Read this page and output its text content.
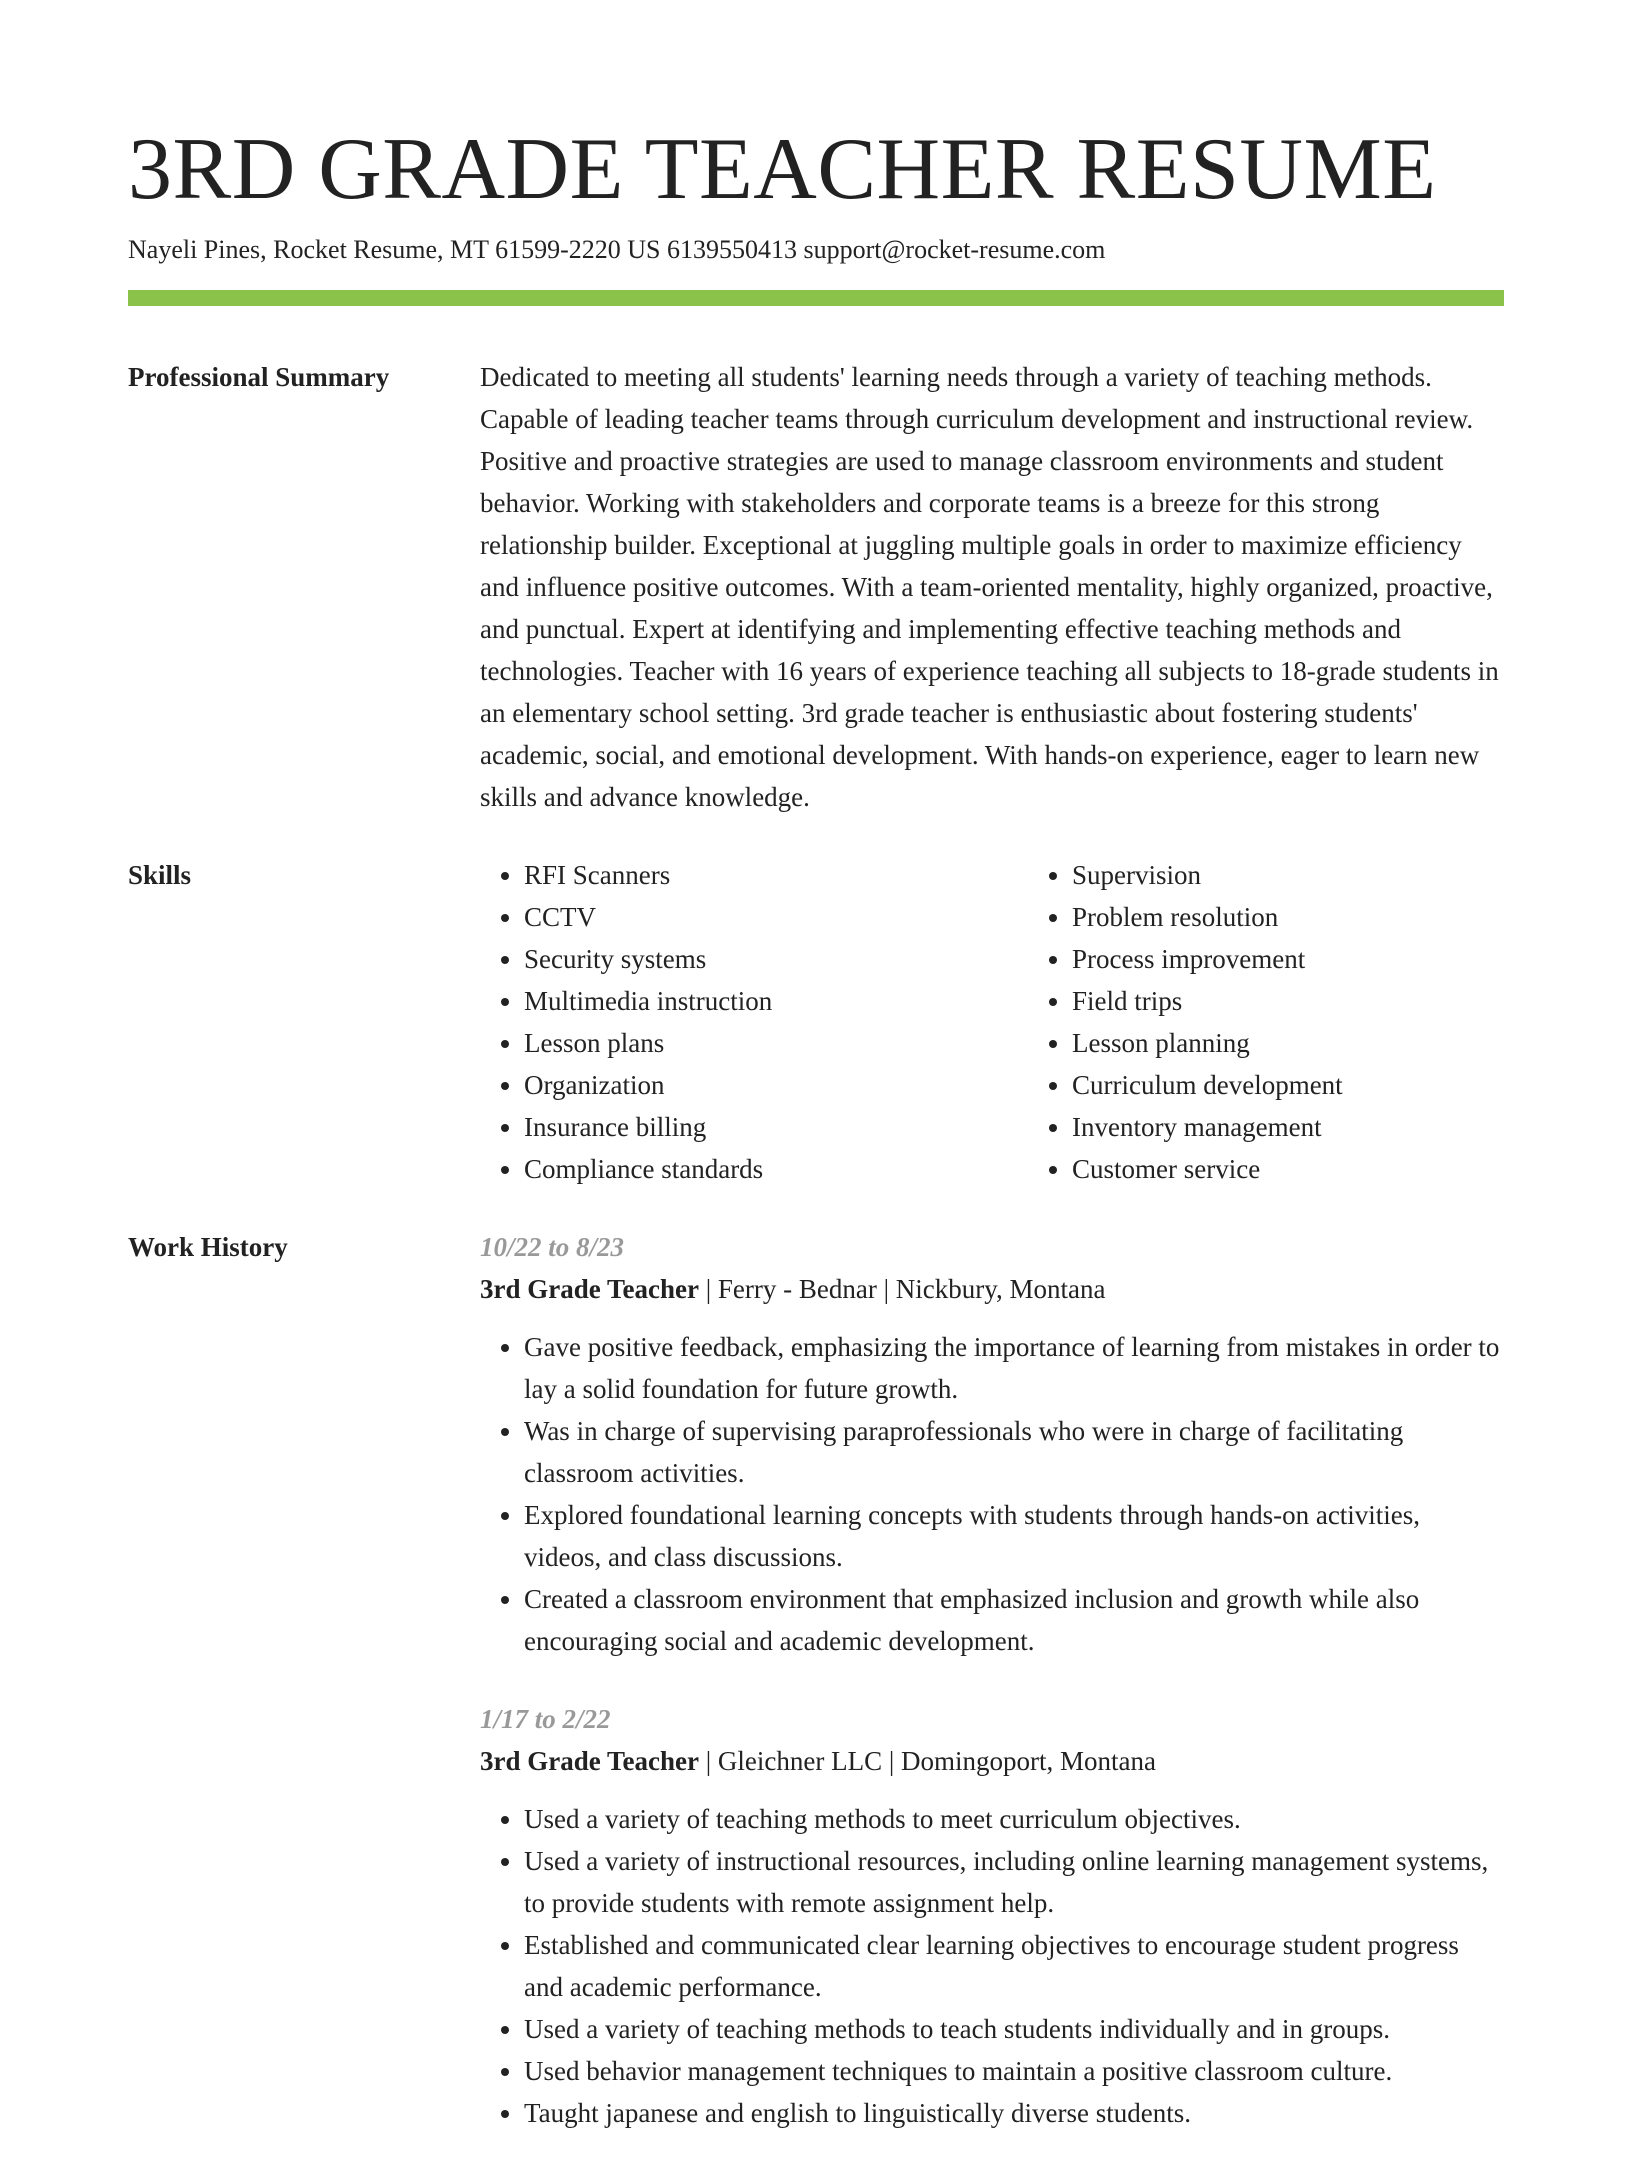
3RD GRADE TEACHER RESUME
Nayeli Pines, Rocket Resume, MT 61599-2220 US 6139550413 support@rocket-resume.com
Professional Summary	Dedicated to meeting all students' learning needs through a variety of teaching methods. Capable of leading teacher teams through curriculum development and instructional review. Positive and proactive strategies are used to manage classroom environments and student behavior. Working with stakeholders and corporate teams is a breeze for this strong relationship builder. Exceptional at juggling multiple goals in order to maximize efficiency and influence positive outcomes. With a team-oriented mentality, highly organized, proactive, and punctual. Expert at identifying and implementing effective teaching methods and technologies. Teacher with 16 years of experience teaching all subjects to 18-grade students in an elementary school setting. 3rd grade teacher is enthusiastic about fostering students' academic, social, and emotional development. With hands-on experience, eager to learn new skills and advance knowledge.
Skills
•	RFI Scanners
• CCTV
• Security systems
• Multimedia instruction
• Lesson plans
• Organization
• Insurance billing
• Compliance standards
• Supervision
• Problem resolution
• Process improvement
• Field trips
• Lesson planning
• Curriculum development
• Inventory management
• Customer service
Work History	10/22 to 8/23
3rd Grade Teacher | Ferry - Bednar | Nickbury, Montana
• Gave positive feedback, emphasizing the importance of learning from mistakes in order to lay a solid foundation for future growth.
• Was in charge of supervising paraprofessionals who were in charge of facilitating classroom activities.
• Explored foundational learning concepts with students through hands-on activities, videos, and class discussions.
• Created a classroom environment that emphasized inclusion and growth while also encouraging social and academic development.
1/17 to 2/22
3rd Grade Teacher | Gleichner LLC | Domingoport, Montana
• Used a variety of teaching methods to meet curriculum objectives.
• Used a variety of instructional resources, including online learning management systems, to provide students with remote assignment help.
• Established and communicated clear learning objectives to encourage student progress and academic performance.
• Used a variety of teaching methods to teach students individually and in groups.
• Used behavior management techniques to maintain a positive classroom culture.
• Taught japanese and english to linguistically diverse students.
